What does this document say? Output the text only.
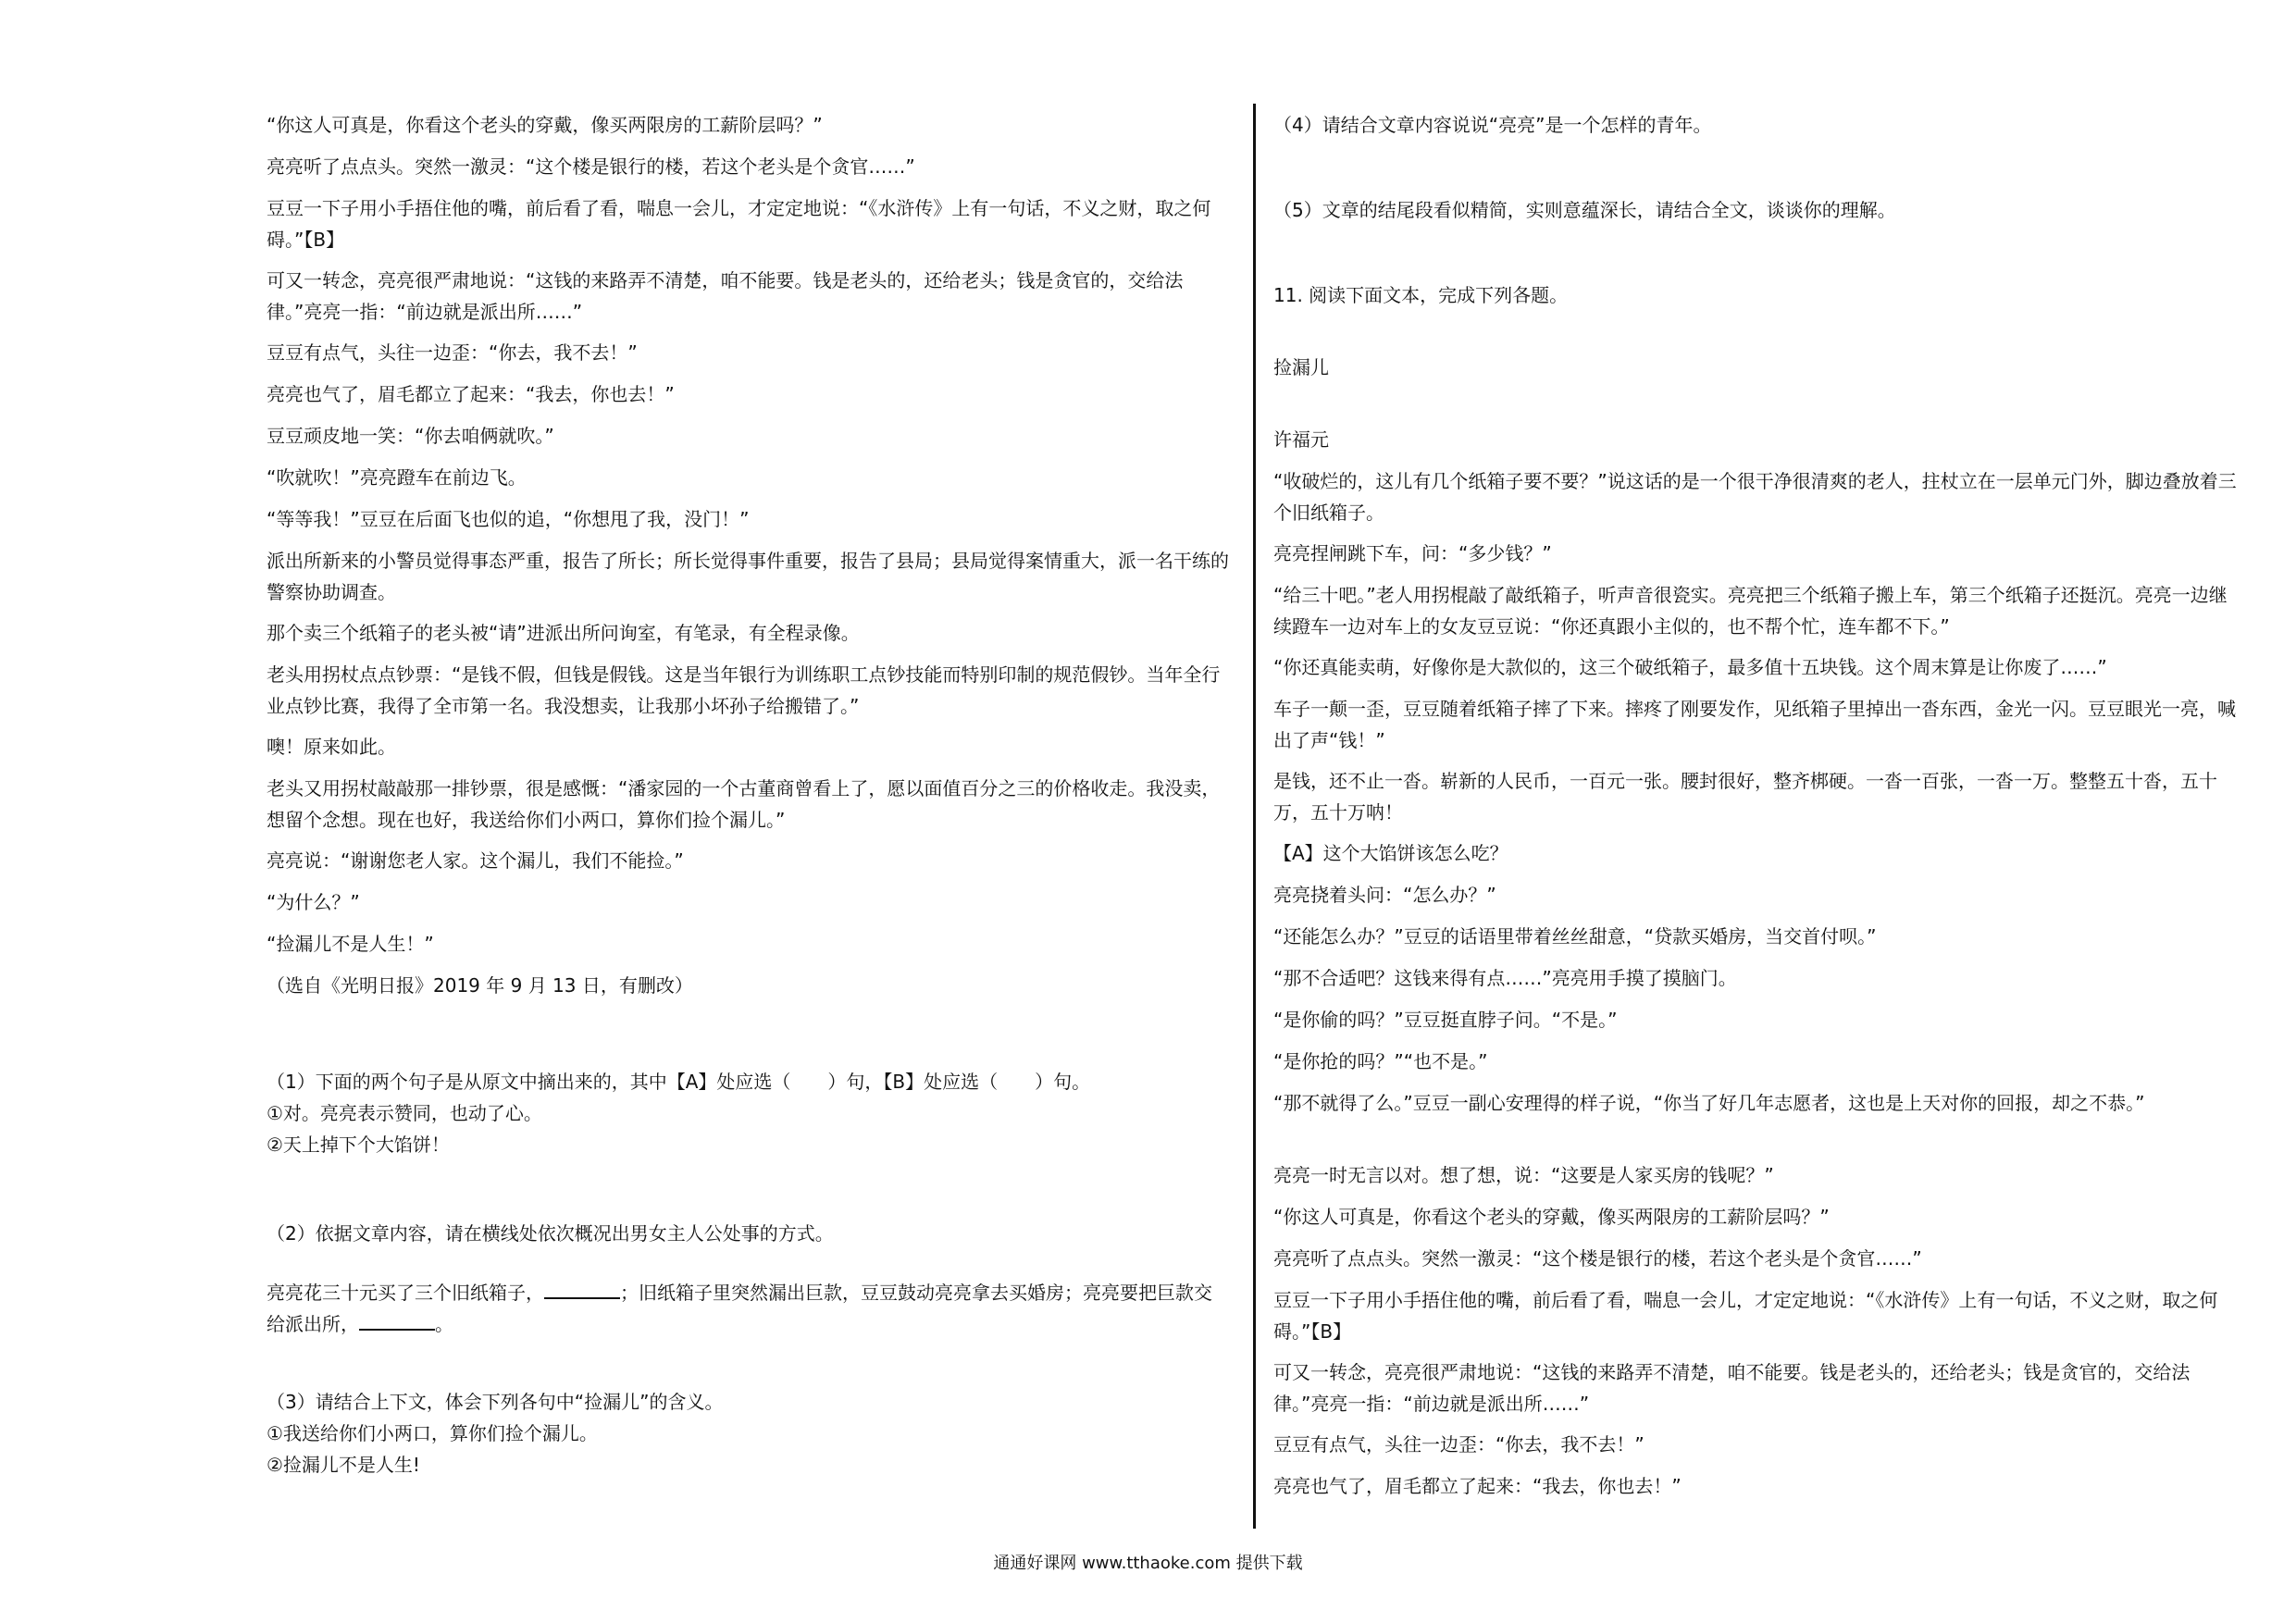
“你这人可真是，你看这个老头的穿戴，像买两限房的工薪阶层吗？”

亮亮听了点点头。突然一激灵：“这个楼是银行的楼，若这个老头是个贪官……”

豆豆一下子用小手捂住他的嘴，前后看了看，喘息一会儿，才定定地说：“《水浒传》上有一句话，不义之财，取之何碍。”【B】

可又一转念，亮亮很严肃地说：“这钱的来路弄不清楚，咱不能要。钱是老头的，还给老头；钱是贪官的，交给法律。”亮亮一指：“前边就是派出所……”

豆豆有点气，头往一边歪：“你去，我不去！”

亮亮也气了，眉毛都立了起来：“我去，你也去！”

豆豆顽皮地一笑：“你去咱俩就吹。”

“吹就吹！”亮亮蹬车在前边飞。

“等等我！”豆豆在后面飞也似的追，“你想甩了我，没门！”

派出所新来的小警员觉得事态严重，报告了所长；所长觉得事件重要，报告了县局；县局觉得案情重大，派一名干练的警察协助调查。

那个卖三个纸箱子的老头被“请”进派出所问询室，有笔录，有全程录像。

老头用拐杖点点钞票：“是钱不假，但钱是假钱。这是当年银行为训练职工点钞技能而特别印制的规范假钞。当年全行业点钞比赛，我得了全市第一名。我没想卖，让我那小坏孙子给搬错了。”

噢！原来如此。

老头又用拐杖敲敲那一排钞票，很是感慨：“潘家园的一个古董商曾看上了，愿以面值百分之三的价格收走。我没卖，想留个念想。现在也好，我送给你们小两口，算你们捡个漏儿。”

亮亮说：“谢谢您老人家。这个漏儿，我们不能捡。”

“为什么？”

“捡漏儿不是人生！”

（选自《光明日报》2019 年 9 月 13 日，有删改）

（1）下面的两个句子是从原文中摘出来的，其中【A】处应选（　　）句，【B】处应选（　　）句。

①对。亮亮表示赞同，也动了心。

②天上掉下个大馅饼！

（2）依据文章内容，请在横线处依次概况出男女主人公处事的方式。

亮亮花三十元买了三个旧纸箱子，	；旧纸箱子里突然漏出巨款，豆豆鼓动亮亮拿去买婚房；亮亮要把巨款交给派出所，	。

（3）请结合上下文，体会下列各句中“捡漏儿”的含义。

①我送给你们小两口，算你们捡个漏儿。

②捡漏儿不是人生!

（4）请结合文章内容说说“亮亮”是一个怎样的青年。

（5）文章的结尾段看似精简，实则意蕴深长，请结合全文，谈谈你的理解。

11. 阅读下面文本，完成下列各题。

捡漏儿

许福元

“收破烂的，这儿有几个纸箱子要不要？”说这话的是一个很干净很清爽的老人，拄杖立在一层单元门外，脚边叠放着三个旧纸箱子。

亮亮捏闸跳下车，问：“多少钱？”

“给三十吧。”老人用拐棍敲了敲纸箱子，听声音很瓷实。亮亮把三个纸箱子搬上车，第三个纸箱子还挺沉。亮亮一边继续蹬车一边对车上的女友豆豆说：“你还真跟小主似的，也不帮个忙，连车都不下。”

“你还真能卖萌，好像你是大款似的，这三个破纸箱子，最多值十五块钱。这个周末算是让你废了……”

车子一颠一歪，豆豆随着纸箱子摔了下来。摔疼了刚要发作，见纸箱子里掉出一沓东西，金光一闪。豆豆眼光一亮，喊出了声“钱！”

是钱，还不止一沓。崭新的人民币，一百元一张。腰封很好，整齐梆硬。一沓一百张，一沓一万。整整五十沓，五十万，五十万呐！

【A】这个大馅饼该怎么吃？

亮亮挠着头问：“怎么办？”

“还能怎么办？”豆豆的话语里带着丝丝甜意，“贷款买婚房，当交首付呗。”

“那不合适吧？这钱来得有点……”亮亮用手摸了摸脑门。

“是你偷的吗？”豆豆挺直脖子问。“不是。”

“是你抢的吗？”“也不是。”

“那不就得了么。”豆豆一副心安理得的样子说，“你当了好几年志愿者，这也是上天对你的回报，却之不恭。”

亮亮一时无言以对。想了想，说：“这要是人家买房的钱呢？”

“你这人可真是，你看这个老头的穿戴，像买两限房的工薪阶层吗？”

亮亮听了点点头。突然一激灵：“这个楼是银行的楼，若这个老头是个贪官……”

豆豆一下子用小手捂住他的嘴，前后看了看，喘息一会儿，才定定地说：“《水浒传》上有一句话，不义之财，取之何碍。”【B】

可又一转念，亮亮很严肃地说：“这钱的来路弄不清楚，咱不能要。钱是老头的，还给老头；钱是贪官的，交给法律。”亮亮一指：“前边就是派出所……”

豆豆有点气，头往一边歪：“你去，我不去！”

亮亮也气了，眉毛都立了起来：“我去，你也去！”

通通好课网 www.tthaoke.com 提供下载
